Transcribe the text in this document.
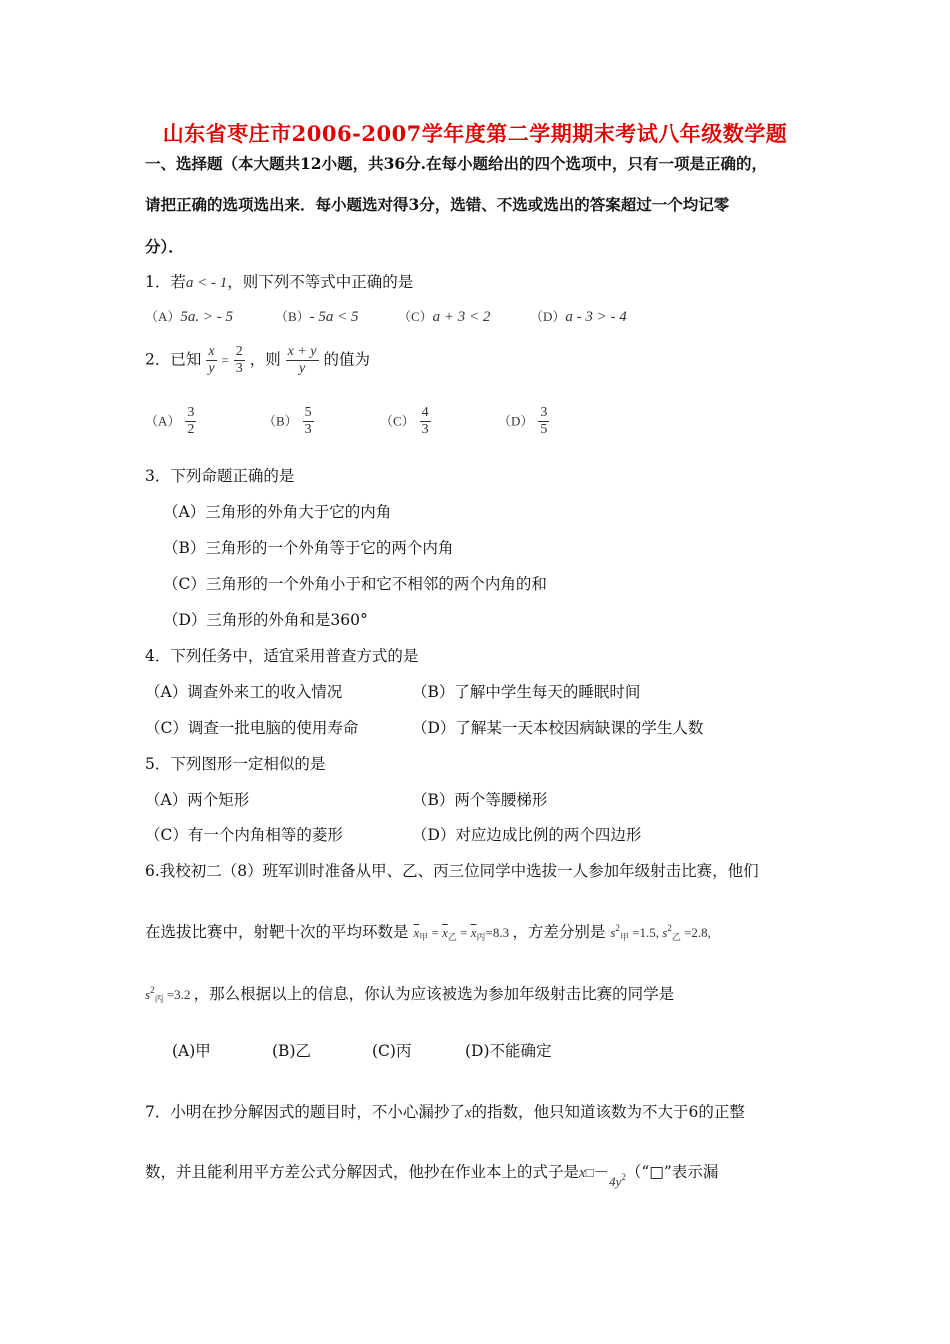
山东省枣庄市2006-2007学年度第二学期期末考试八年级数学题
一、选择题（本大题共12小题，共36分.在每小题给出的四个选项中，只有一项是正确的，
请把正确的选项选出来．每小题选对得3分，选错、不选或选出的答案超过一个均记零
分）．
1．若a < - 1，则下列不等式中正确的是
（A）5a. > - 5	（B）- 5a < 5	（C）a + 3 < 2	（D）a - 3 > - 4
2．已知 $\frac{x}{y} = \frac{2}{3}$ ，则 $\frac{x + y}{y}$ 的值为
$(A) \frac{3}{2}$	$(B) \frac{5}{3}$	$(C) \frac{4}{3}$	$(D) \frac{3}{5}$
3．下列命题正确的是
（A）三角形的外角大于它的内角
（B）三角形的一个外角等于它的两个内角
（C）三角形的一个外角小于和它不相邻的两个内角的和
（D）三角形的外角和是360°
4．下列任务中，适宜采用普查方式的是
（A）调查外来工的收入情况	（B）了解中学生每天的睡眠时间
（C）调查一批电脑的使用寿命	（D）了解某一天本校因病缺课的学生人数
5．下列图形一定相似的是
（A）两个矩形	（B）两个等腰梯形
（C）有一个内角相等的菱形	（D）对应边成比例的两个四边形
6.我校初二（8）班军训时准备从甲、乙、丙三位同学中选拔一人参加年级射击比赛，他们
在选拔比赛中，射靶十次的平均环数是 $\overline{x}_甲 = \overline{x}_乙 = \overline{x}_丙=8.3$ ，方差分别是 $s^2_甲 =1.5$, $s^2_乙 =2.8$,
$s^2_丙 =3.2$ ，那么根据以上的信息，你认为应该被选为参加年级射击比赛的同学是
(A)甲	(B)乙	(C)丙	(D)不能确定
7．小明在抄分解因式的题目时，不小心漏抄了x的指数，他只知道该数为不大于6的正整
数，并且能利用平方差公式分解因式，他抄在作业本上的式子是$x□-_{4y^2}(“□$”表示漏
